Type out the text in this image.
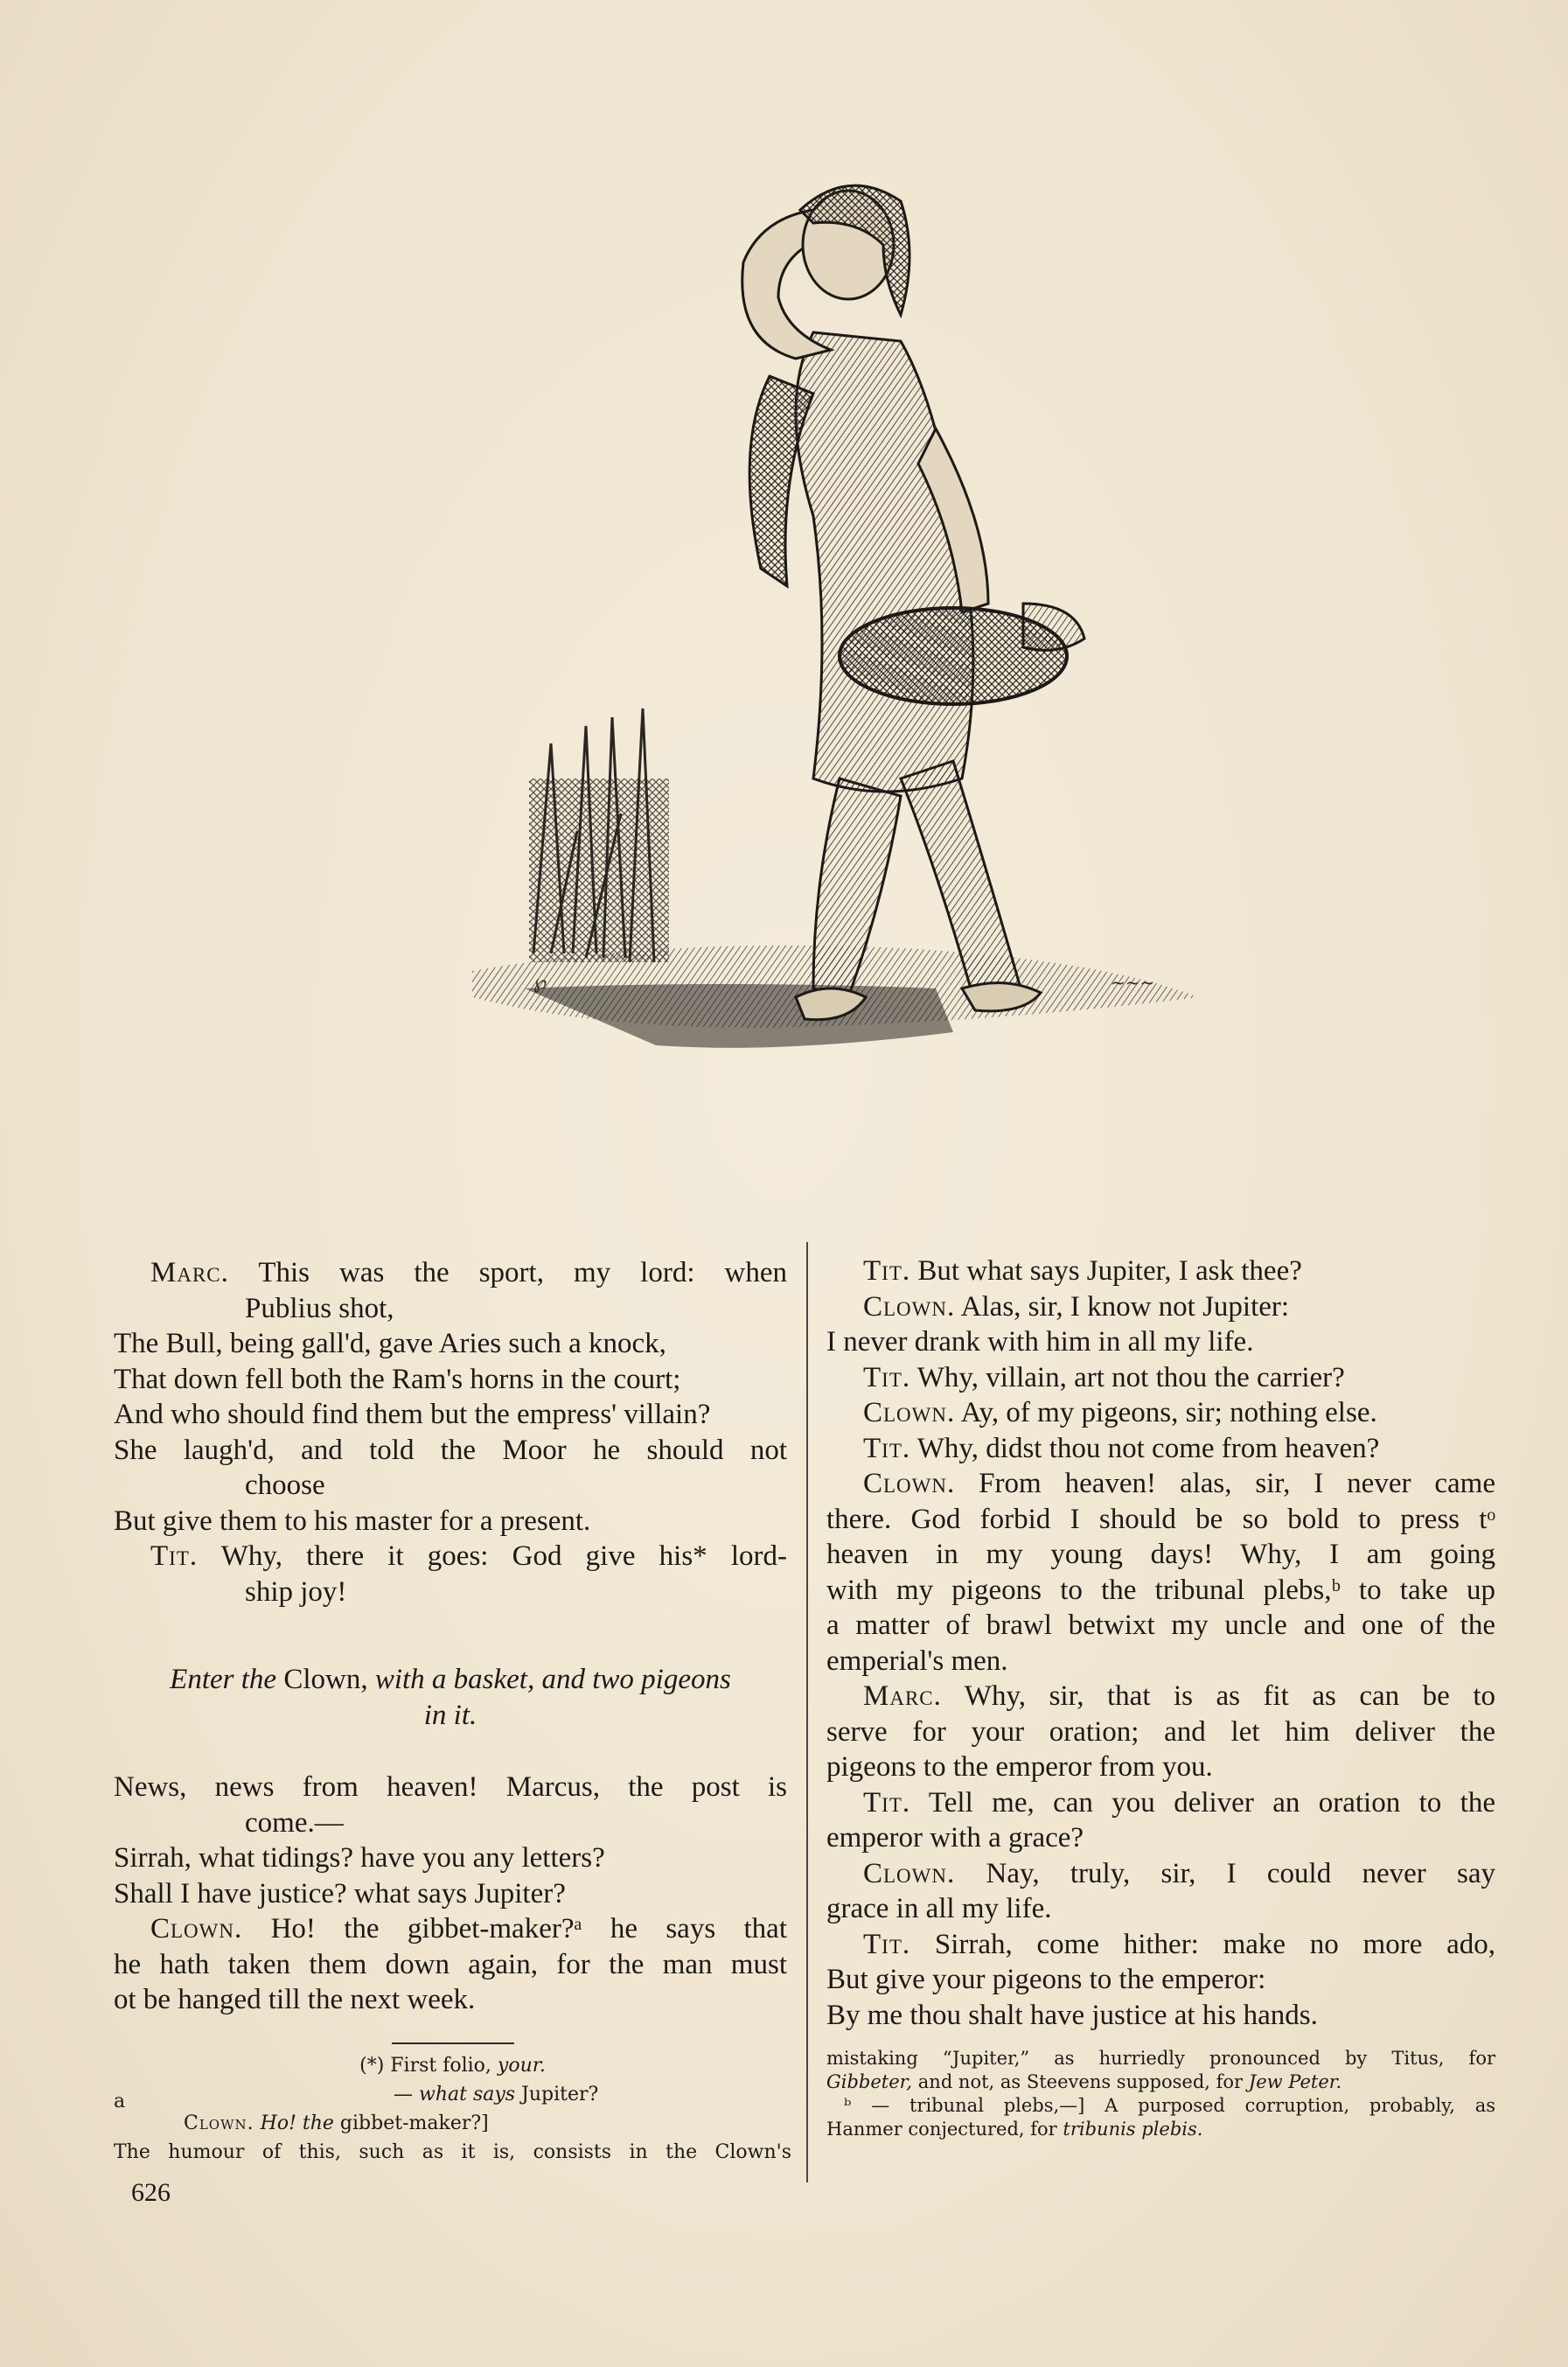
℘	~~~
Marc. This was the sport, my lord: when
Publius shot,
The Bull, being gall'd, gave Aries such a knock,
That down fell both the Ram's horns in the court;
And who should find them but the empress' villain?
She laugh'd, and told the Moor he should not
choose
But give them to his master for a present.
Tit. Why, there it goes: God give his* lord-
ship joy!
Enter the Clown, with a basket, and two pigeons
in it.
News, news from heaven! Marcus, the post is
come.—
Sirrah, what tidings? have you any letters?
Shall I have justice? what says Jupiter?
Clown. Ho! the gibbet-maker?ᵃ he says that
he hath taken them down again, for the man must
ot be hanged till the next week.
Tit. But what says Jupiter, I ask thee?
Clown. Alas, sir, I know not Jupiter:
I never drank with him in all my life.
Tit. Why, villain, art not thou the carrier?
Clown. Ay, of my pigeons, sir; nothing else.
Tit. Why, didst thou not come from heaven?
Clown. From heaven! alas, sir, I never came
there. God forbid I should be so bold to press tᵒ
heaven in my young days! Why, I am going
with my pigeons to the tribunal plebs,ᵇ to take up
a matter of brawl betwixt my uncle and one of the
emperial's men.
Marc. Why, sir, that is as fit as can be to
serve for your oration; and let him deliver the
pigeons to the emperor from you.
Tit. Tell me, can you deliver an oration to the
emperor with a grace?
Clown. Nay, truly, sir, I could never say
grace in all my life.
Tit. Sirrah, come hither: make no more ado,
But give your pigeons to the emperor:
By me thou shalt have justice at his hands.
(*) First folio, your.
a	— what says Jupiter?
Clown. Ho! the gibbet-maker?]
The humour of this, such as it is, consists in the Clown's
mistaking “Jupiter,” as hurriedly pronounced by Titus, for
Gibbeter, and not, as Steevens supposed, for Jew Peter.
ᵇ — tribunal plebs,—] A purposed corruption, probably, as
Hanmer conjectured, for tribunis plebis.
626
